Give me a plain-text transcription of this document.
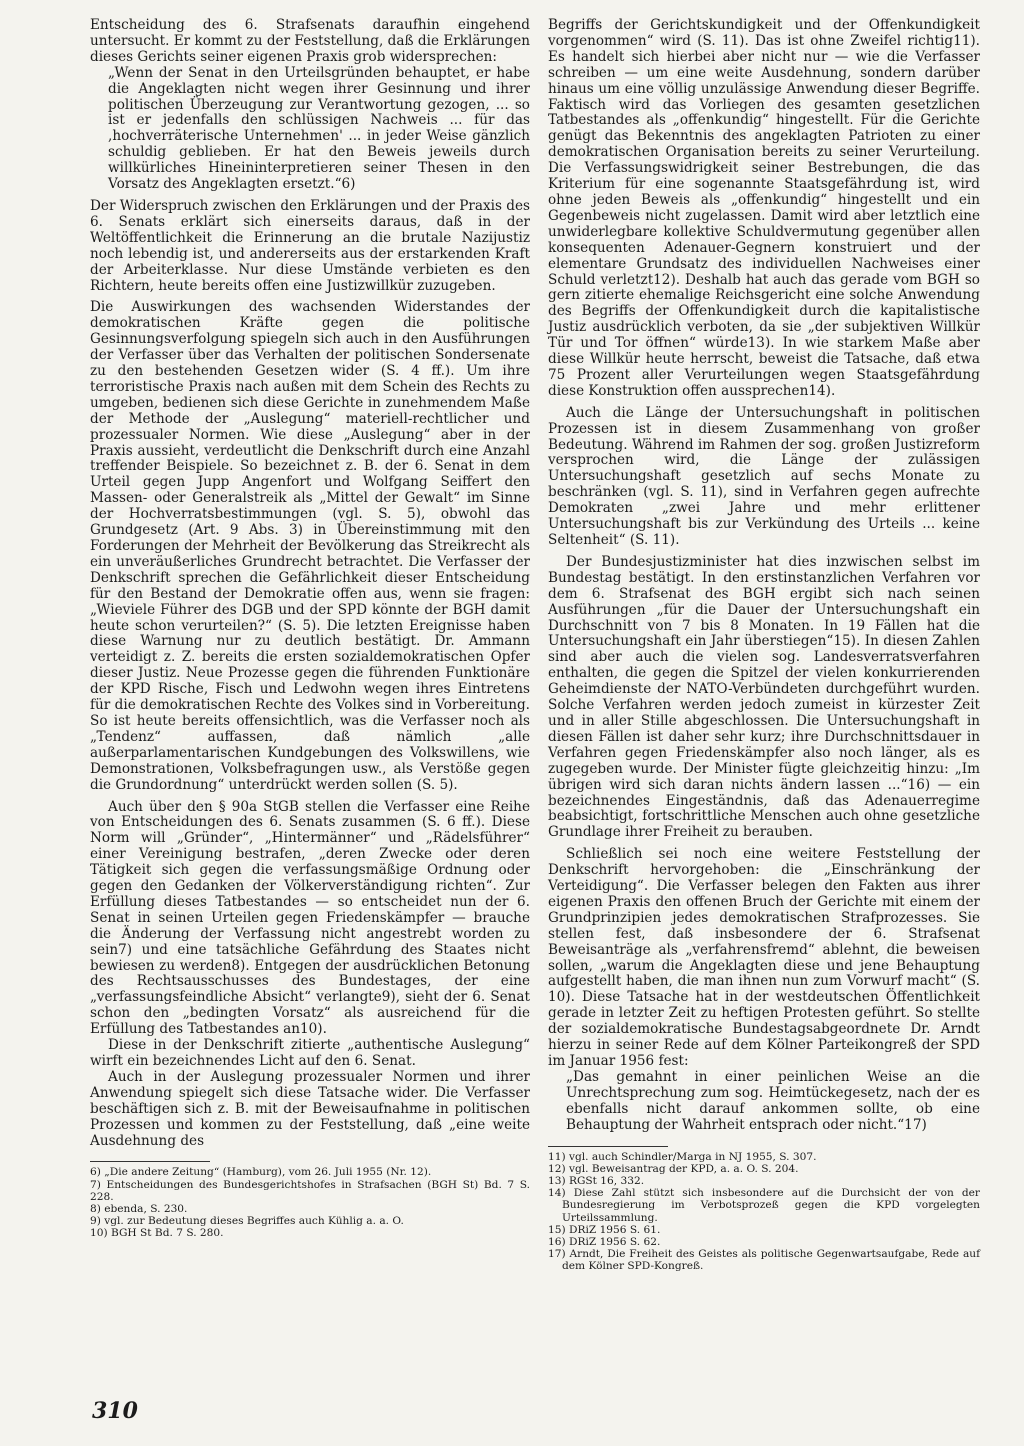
Entscheidung des 6. Strafsenats daraufhin eingehend untersucht. Er kommt zu der Feststellung, daß die Erklärungen dieses Gerichts seiner eigenen Praxis grob widersprechen:

„Wenn der Senat in den Urteilsgründen behauptet, er habe die Angeklagten nicht wegen ihrer Gesinnung und ihrer politischen Überzeugung zur Verantwortung gezogen, ... so ist er jedenfalls den schlüssigen Nachweis ... für das ,hochverräterische Unternehmen' ... in jeder Weise gänzlich schuldig geblieben. Er hat den Beweis jeweils durch willkürliches Hineininterpretieren seiner Thesen in den Vorsatz des Angeklagten ersetzt.“6)

Der Widerspruch zwischen den Erklärungen und der Praxis des 6. Senats erklärt sich einerseits daraus, daß in der Weltöffentlichkeit die Erinnerung an die brutale Nazijustiz noch lebendig ist, und andererseits aus der erstarkenden Kraft der Arbeiterklasse. Nur diese Umstände verbieten es den Richtern, heute bereits offen eine Justizwillkür zuzugeben.

Die Auswirkungen des wachsenden Widerstandes der demokratischen Kräfte gegen die politische Gesinnungsverfolgung spiegeln sich auch in den Ausführungen der Verfasser über das Verhalten der politischen Sondersenate zu den bestehenden Gesetzen wider (S. 4 ff.). Um ihre terroristische Praxis nach außen mit dem Schein des Rechts zu umgeben, bedienen sich diese Gerichte in zunehmendem Maße der Methode der „Auslegung“ materiell-rechtlicher und prozessualer Normen. Wie diese „Auslegung“ aber in der Praxis aussieht, verdeutlicht die Denkschrift durch eine Anzahl treffender Beispiele. So bezeichnet z. B. der 6. Senat in dem Urteil gegen Jupp Angenfort und Wolfgang Seiffert den Massen- oder Generalstreik als „Mittel der Gewalt“ im Sinne der Hochverratsbestimmungen (vgl. S. 5), obwohl das Grundgesetz (Art. 9 Abs. 3) in Übereinstimmung mit den Forderungen der Mehrheit der Bevölkerung das Streikrecht als ein unveräußerliches Grundrecht betrachtet. Die Verfasser der Denkschrift sprechen die Gefährlichkeit dieser Entscheidung für den Bestand der Demokratie offen aus, wenn sie fragen: „Wieviele Führer des DGB und der SPD könnte der BGH damit heute schon verurteilen?“ (S. 5). Die letzten Ereignisse haben diese Warnung nur zu deutlich bestätigt. Dr. Ammann verteidigt z. Z. bereits die ersten sozialdemokratischen Opfer dieser Justiz. Neue Prozesse gegen die führenden Funktionäre der KPD Rische, Fisch und Ledwohn wegen ihres Eintretens für die demokratischen Rechte des Volkes sind in Vorbereitung. So ist heute bereits offensichtlich, was die Verfasser noch als „Tendenz“ auffassen, daß nämlich „alle außerparlamentarischen Kundgebungen des Volkswillens, wie Demonstrationen, Volksbefragungen usw., als Verstöße gegen die Grundordnung“ unterdrückt werden sollen (S. 5).

Auch über den § 90a StGB stellen die Verfasser eine Reihe von Entscheidungen des 6. Senats zusammen (S. 6 ff.). Diese Norm will „Gründer“, „Hintermänner“ und „Rädelsführer“ einer Vereinigung bestrafen, „deren Zwecke oder deren Tätigkeit sich gegen die verfassungsmäßige Ordnung oder gegen den Gedanken der Völkerverständigung richten“. Zur Erfüllung dieses Tatbestandes — so entscheidet nun der 6. Senat in seinen Urteilen gegen Friedenskämpfer — brauche die Änderung der Verfassung nicht angestrebt worden zu sein7) und eine tatsächliche Gefährdung des Staates nicht bewiesen zu werden8). Entgegen der ausdrücklichen Betonung des Rechtsausschusses des Bundestages, der eine „verfassungsfeindliche Absicht“ verlangte9), sieht der 6. Senat schon den „bedingten Vorsatz“ als ausreichend für die Erfüllung des Tatbestandes an10).

Diese in der Denkschrift zitierte „authentische Auslegung“ wirft ein bezeichnendes Licht auf den 6. Senat.

Auch in der Auslegung prozessualer Normen und ihrer Anwendung spiegelt sich diese Tatsache wider. Die Verfasser beschäftigen sich z. B. mit der Beweisaufnahme in politischen Prozessen und kommen zu der Feststellung, daß „eine weite Ausdehnung des

6) „Die andere Zeitung“ (Hamburg), vom 26. Juli 1955 (Nr. 12).

7) Entscheidungen des Bundesgerichtshofes in Strafsachen (BGH St) Bd. 7 S. 228.

8) ebenda, S. 230.

9) vgl. zur Bedeutung dieses Begriffes auch Kühlig a. a. O.

10) BGH St Bd. 7 S. 280.

Begriffs der Gerichtskundigkeit und der Offenkundigkeit vorgenommen“ wird (S. 11). Das ist ohne Zweifel richtig11). Es handelt sich hierbei aber nicht nur — wie die Verfasser schreiben — um eine weite Ausdehnung, sondern darüber hinaus um eine völlig unzulässige Anwendung dieser Begriffe. Faktisch wird das Vorliegen des gesamten gesetzlichen Tatbestandes als „offenkundig“ hingestellt. Für die Gerichte genügt das Bekenntnis des angeklagten Patrioten zu einer demokratischen Organisation bereits zu seiner Verurteilung. Die Verfassungswidrigkeit seiner Bestrebungen, die das Kriterium für eine sogenannte Staatsgefährdung ist, wird ohne jeden Beweis als „offenkundig“ hingestellt und ein Gegenbeweis nicht zugelassen. Damit wird aber letztlich eine unwiderlegbare kollektive Schuldvermutung gegenüber allen konsequenten Adenauer-Gegnern konstruiert und der elementare Grundsatz des individuellen Nachweises einer Schuld verletzt12). Deshalb hat auch das gerade vom BGH so gern zitierte ehemalige Reichsgericht eine solche Anwendung des Begriffs der Offenkundigkeit durch die kapitalistische Justiz ausdrücklich verboten, da sie „der subjektiven Willkür Tür und Tor öffnen“ würde13). In wie starkem Maße aber diese Willkür heute herrscht, beweist die Tatsache, daß etwa 75 Prozent aller Verurteilungen wegen Staatsgefährdung diese Konstruktion offen aussprechen14).

Auch die Länge der Untersuchungshaft in politischen Prozessen ist in diesem Zusammenhang von großer Bedeutung. Während im Rahmen der sog. großen Justizreform versprochen wird, die Länge der zulässigen Untersuchungshaft gesetzlich auf sechs Monate zu beschränken (vgl. S. 11), sind in Verfahren gegen aufrechte Demokraten „zwei Jahre und mehr erlittener Untersuchungshaft bis zur Verkündung des Urteils ... keine Seltenheit“ (S. 11).

Der Bundesjustizminister hat dies inzwischen selbst im Bundestag bestätigt. In den erstinstanzlichen Verfahren vor dem 6. Strafsenat des BGH ergibt sich nach seinen Ausführungen „für die Dauer der Untersuchungshaft ein Durchschnitt von 7 bis 8 Monaten. In 19 Fällen hat die Untersuchungshaft ein Jahr überstiegen“15). In diesen Zahlen sind aber auch die vielen sog. Landesverratsverfahren enthalten, die gegen die Spitzel der vielen konkurrierenden Geheimdienste der NATO-Verbündeten durchgeführt wurden. Solche Verfahren werden jedoch zumeist in kürzester Zeit und in aller Stille abgeschlossen. Die Untersuchungshaft in diesen Fällen ist daher sehr kurz; ihre Durchschnittsdauer in Verfahren gegen Friedenskämpfer also noch länger, als es zugegeben wurde. Der Minister fügte gleichzeitig hinzu: „Im übrigen wird sich daran nichts ändern lassen ...“16) — ein bezeichnendes Eingeständnis, daß das Adenauerregime beabsichtigt, fortschrittliche Menschen auch ohne gesetzliche Grundlage ihrer Freiheit zu berauben.

Schließlich sei noch eine weitere Feststellung der Denkschrift hervorgehoben: die „Einschränkung der Verteidigung“. Die Verfasser belegen den Fakten aus ihrer eigenen Praxis den offenen Bruch der Gerichte mit einem der Grundprinzipien jedes demokratischen Strafprozesses. Sie stellen fest, daß insbesondere der 6. Strafsenat Beweisanträge als „verfahrensfremd“ ablehnt, die beweisen sollen, „warum die Angeklagten diese und jene Behauptung aufgestellt haben, die man ihnen nun zum Vorwurf macht“ (S. 10). Diese Tatsache hat in der westdeutschen Öffentlichkeit gerade in letzter Zeit zu heftigen Protesten geführt. So stellte der sozialdemokratische Bundestagsabgeordnete Dr. Arndt hierzu in seiner Rede auf dem Kölner Parteikongreß der SPD im Januar 1956 fest:

„Das gemahnt in einer peinlichen Weise an die Unrechtsprechung zum sog. Heimtückegesetz, nach der es ebenfalls nicht darauf ankommen sollte, ob eine Behauptung der Wahrheit entsprach oder nicht.“17)

11) vgl. auch Schindler/Marga in NJ 1955, S. 307.

12) vgl. Beweisantrag der KPD, a. a. O. S. 204.

13) RGSt 16, 332.

14) Diese Zahl stützt sich insbesondere auf die Durchsicht der von der Bundesregierung im Verbotsprozeß gegen die KPD vorgelegten Urteilssammlung.

15) DRiZ 1956 S. 61.

16) DRiZ 1956 S. 62.

17) Arndt, Die Freiheit des Geistes als politische Gegenwartsaufgabe, Rede auf dem Kölner SPD-Kongreß.

310
